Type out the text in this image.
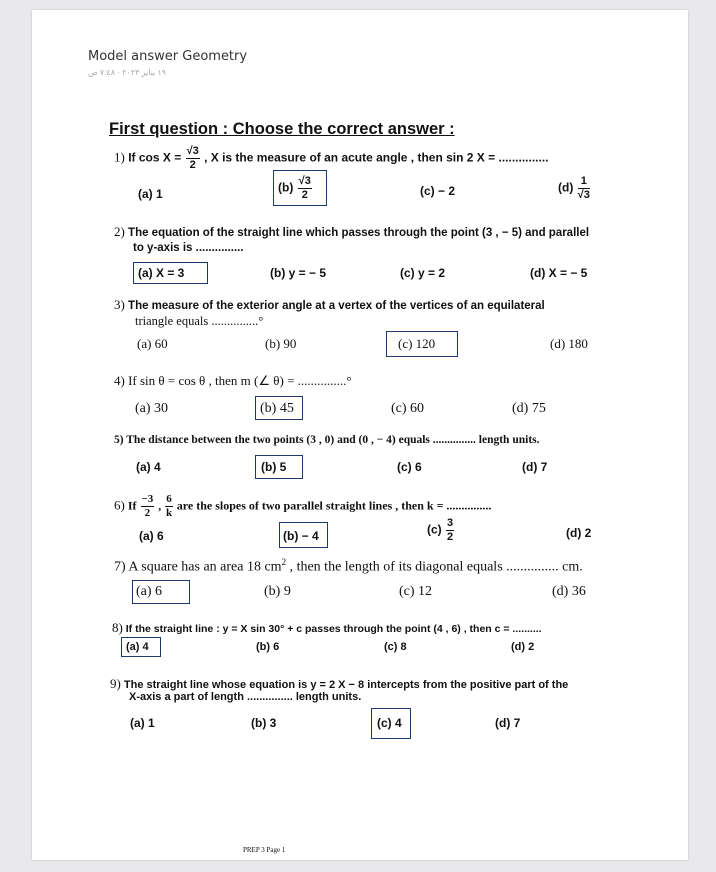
Model answer Geometry
١٩ يناير ٢٠٢٣ · ٧:٤٨ ص
First question : Choose the correct answer :
1) If $\cos X = \frac{√3}{2}$ , X is the measure of an acute angle , then sin 2 X = ...............
(a) 1	$(b) \frac{√3}{2}$	(c) − 2	$(d) \frac{1}{√3}$
2) The equation of the straight line which passes through the point (3 , − 5) and parallel
to y-axis is ...............
(a) X = 3	(b) y = − 5	(c) y = 2	(d) X = − 5
3) The measure of the exterior angle at a vertex of the vertices of an equilateral
triangle equals ...............°
(a) 60	(b) 90	(c) 120	(d) 180
4) If sin θ = cos θ , then m (∠ θ) = ...............°
(a) 30	(b) 45	(c) 60	(d) 75
5) The distance between the two points (3 , 0) and (0 , − 4) equals ............... length units.
(a) 4	(b) 5	(c) 6	(d) 7
6) If $\frac{-3}{2}$ , $\frac{6}{k}$ are the slopes of two parallel straight lines , then k = ...............
(a) 6	(b) − 4	$(c) \frac{3}{2}$	(d) 2
7) A square has an area 18 $cm^2$ , then the length of its diagonal equals ............... cm.
(a) 6	(b) 9	(c) 12	(d) 36
8) If the straight line : y = X sin 30° + c passes through the point (4 , 6) , then c = ..........
(a) 4	(b) 6	(c) 8	(d) 2
9) The straight line whose equation is y = 2 X − 8 intercepts from the positive part of the
X-axis a part of length ............... length units.
(a) 1	(b) 3	(c) 4	(d) 7
PREP 3 Page 1
